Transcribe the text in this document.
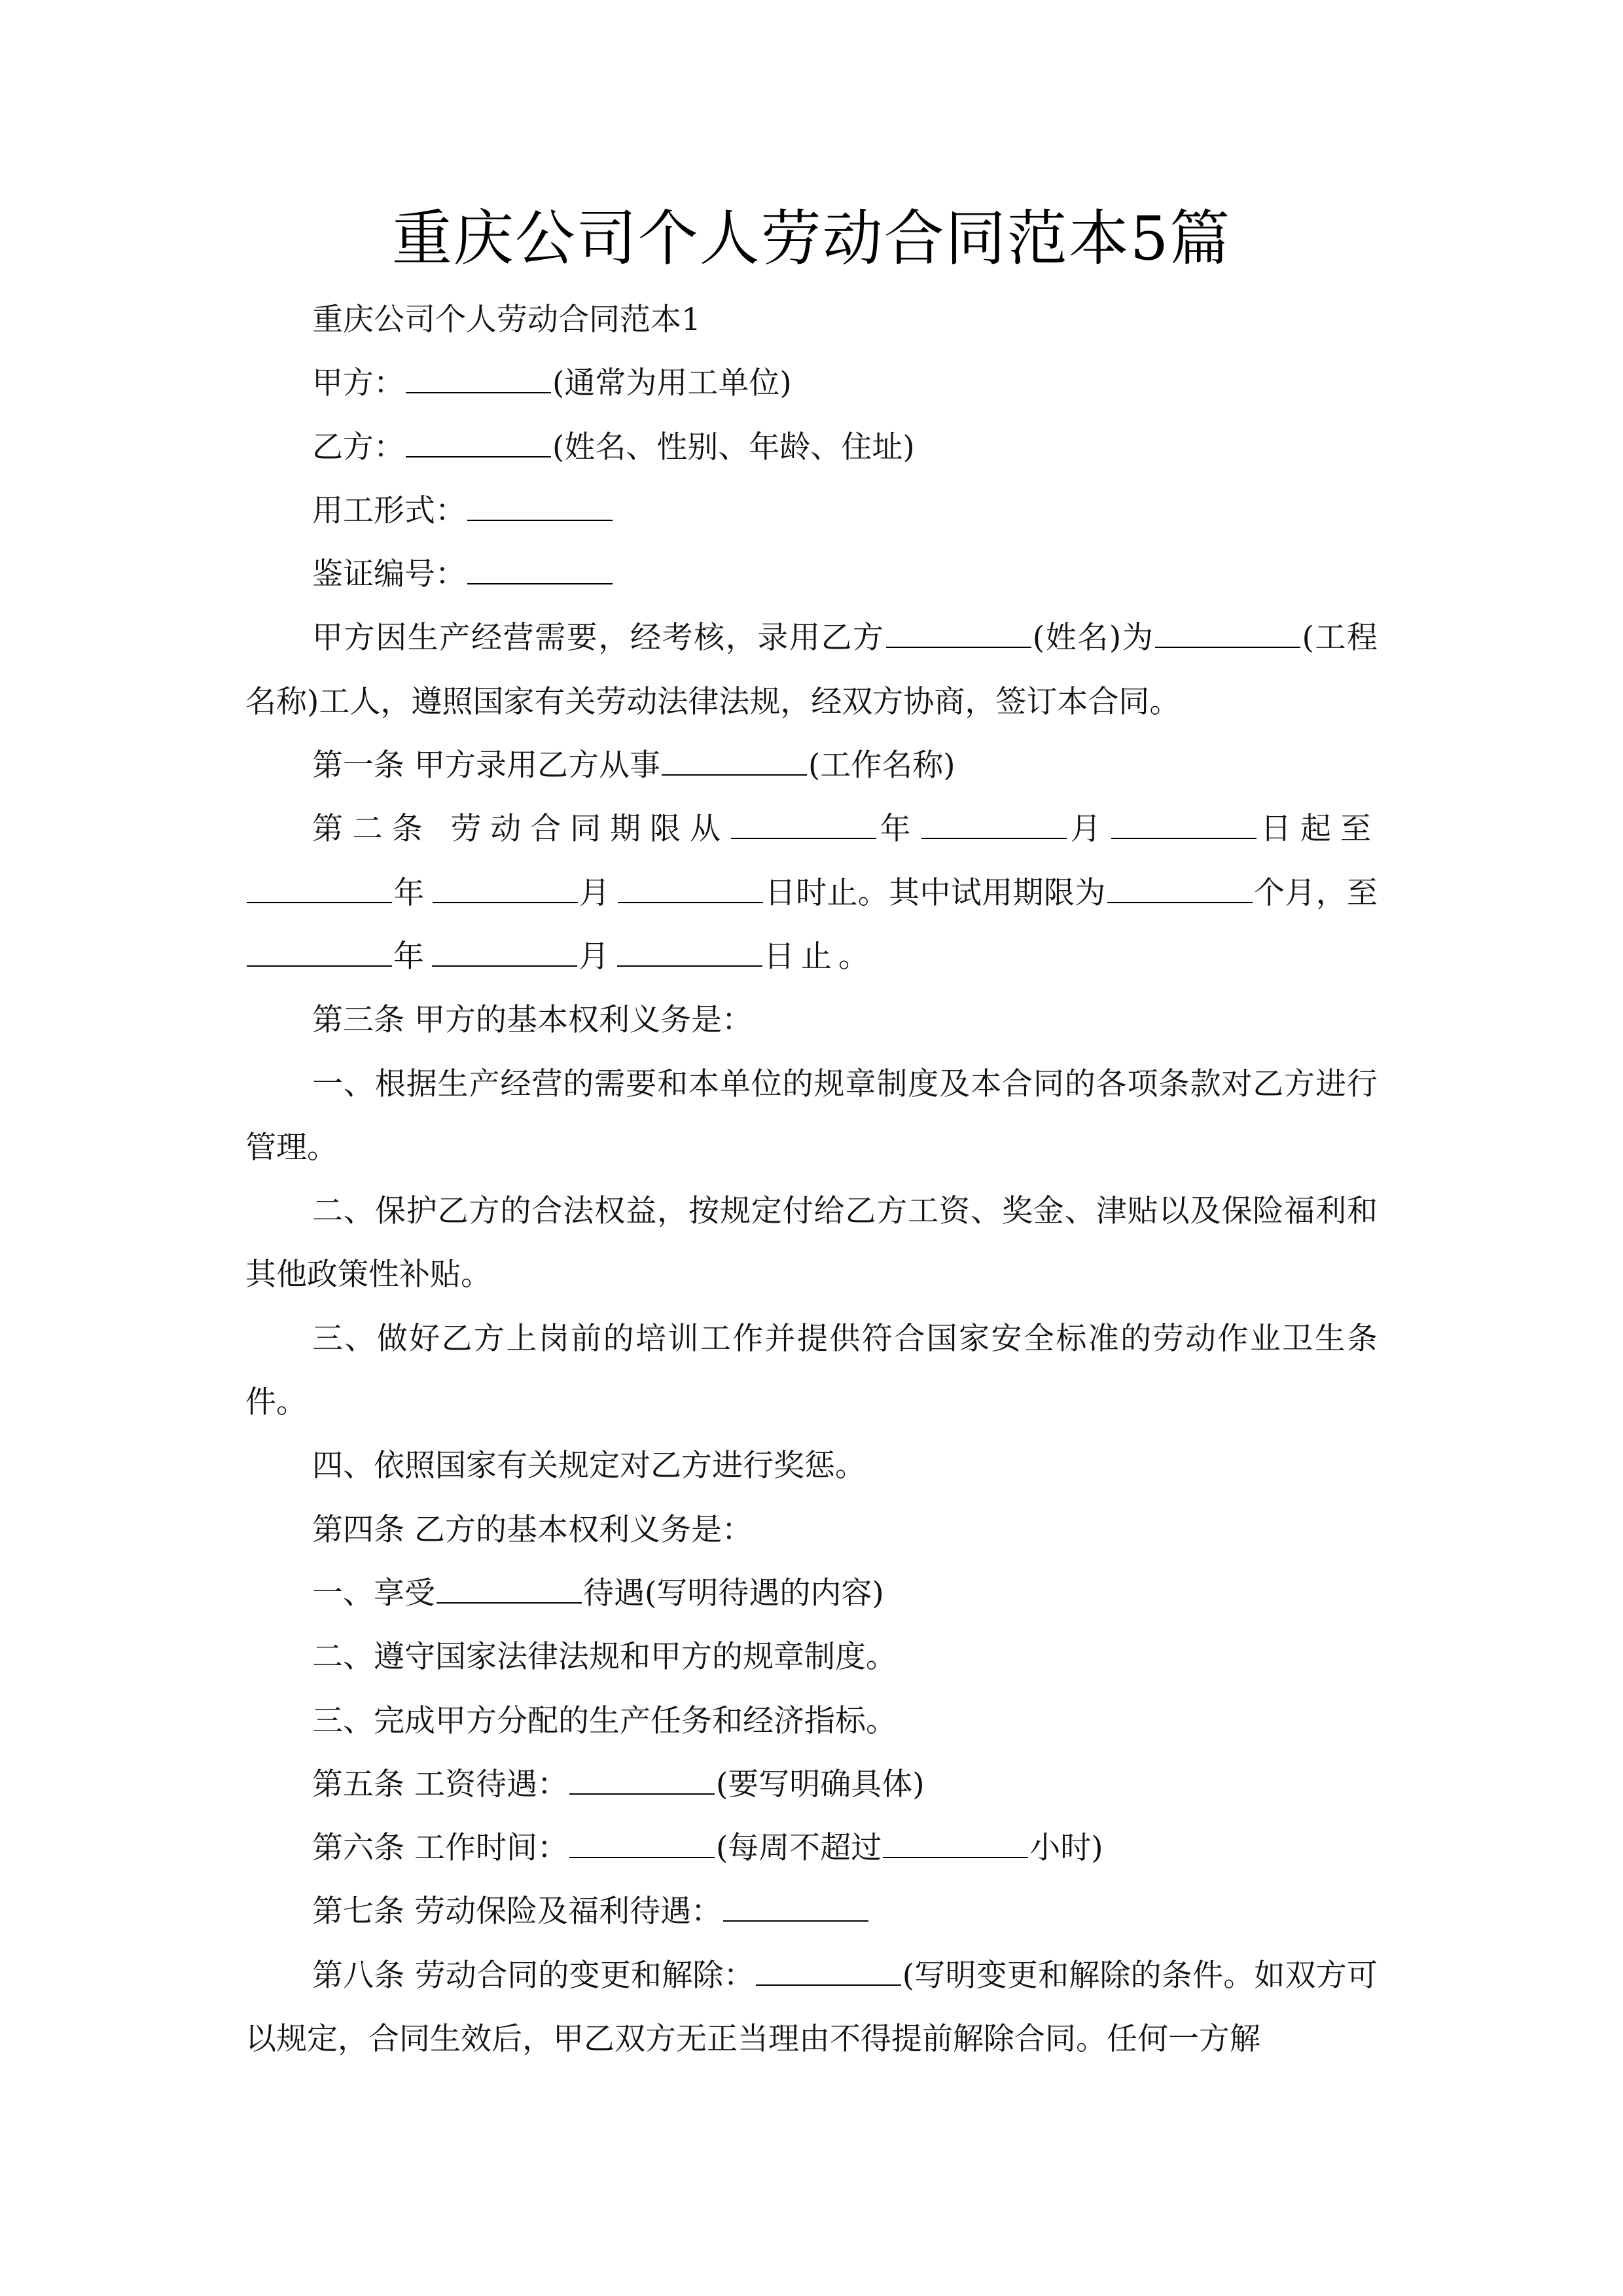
重庆公司个人劳动合同范本5篇

重庆公司个人劳动合同范本1

甲方：	(通常为用工单位)

乙方：	(姓名、性别、年龄、住址)

用工形式：

鉴证编号：

甲方因生产经营需要，经考核，录用乙方	(姓名)为	(工程名称)工人，遵照国家有关劳动法律法规，经双方协商，签订本合同。

第一条 甲方录用乙方从事	(工作名称)

第二条 劳动合同期限从	年	月	日起至年	月	日时止。其中试用期限为	个月，至年	月	日止。

第三条 甲方的基本权利义务是：

一、根据生产经营的需要和本单位的规章制度及本合同的各项条款对乙方进行管理。

二、保护乙方的合法权益，按规定付给乙方工资、奖金、津贴以及保险福利和其他政策性补贴。

三、做好乙方上岗前的培训工作并提供符合国家安全标准的劳动作业卫生条件。

四、依照国家有关规定对乙方进行奖惩。

第四条 乙方的基本权利义务是：

一、享受	待遇(写明待遇的内容)

二、遵守国家法律法规和甲方的规章制度。

三、完成甲方分配的生产任务和经济指标。

第五条 工资待遇：	(要写明确具体)

第六条 工作时间：	(每周不超过	小时)

第七条 劳动保险及福利待遇：

第八条 劳动合同的变更和解除：	(写明变更和解除的条件。如双方可以规定，合同生效后，甲乙双方无正当理由不得提前解除合同。任何一方解
